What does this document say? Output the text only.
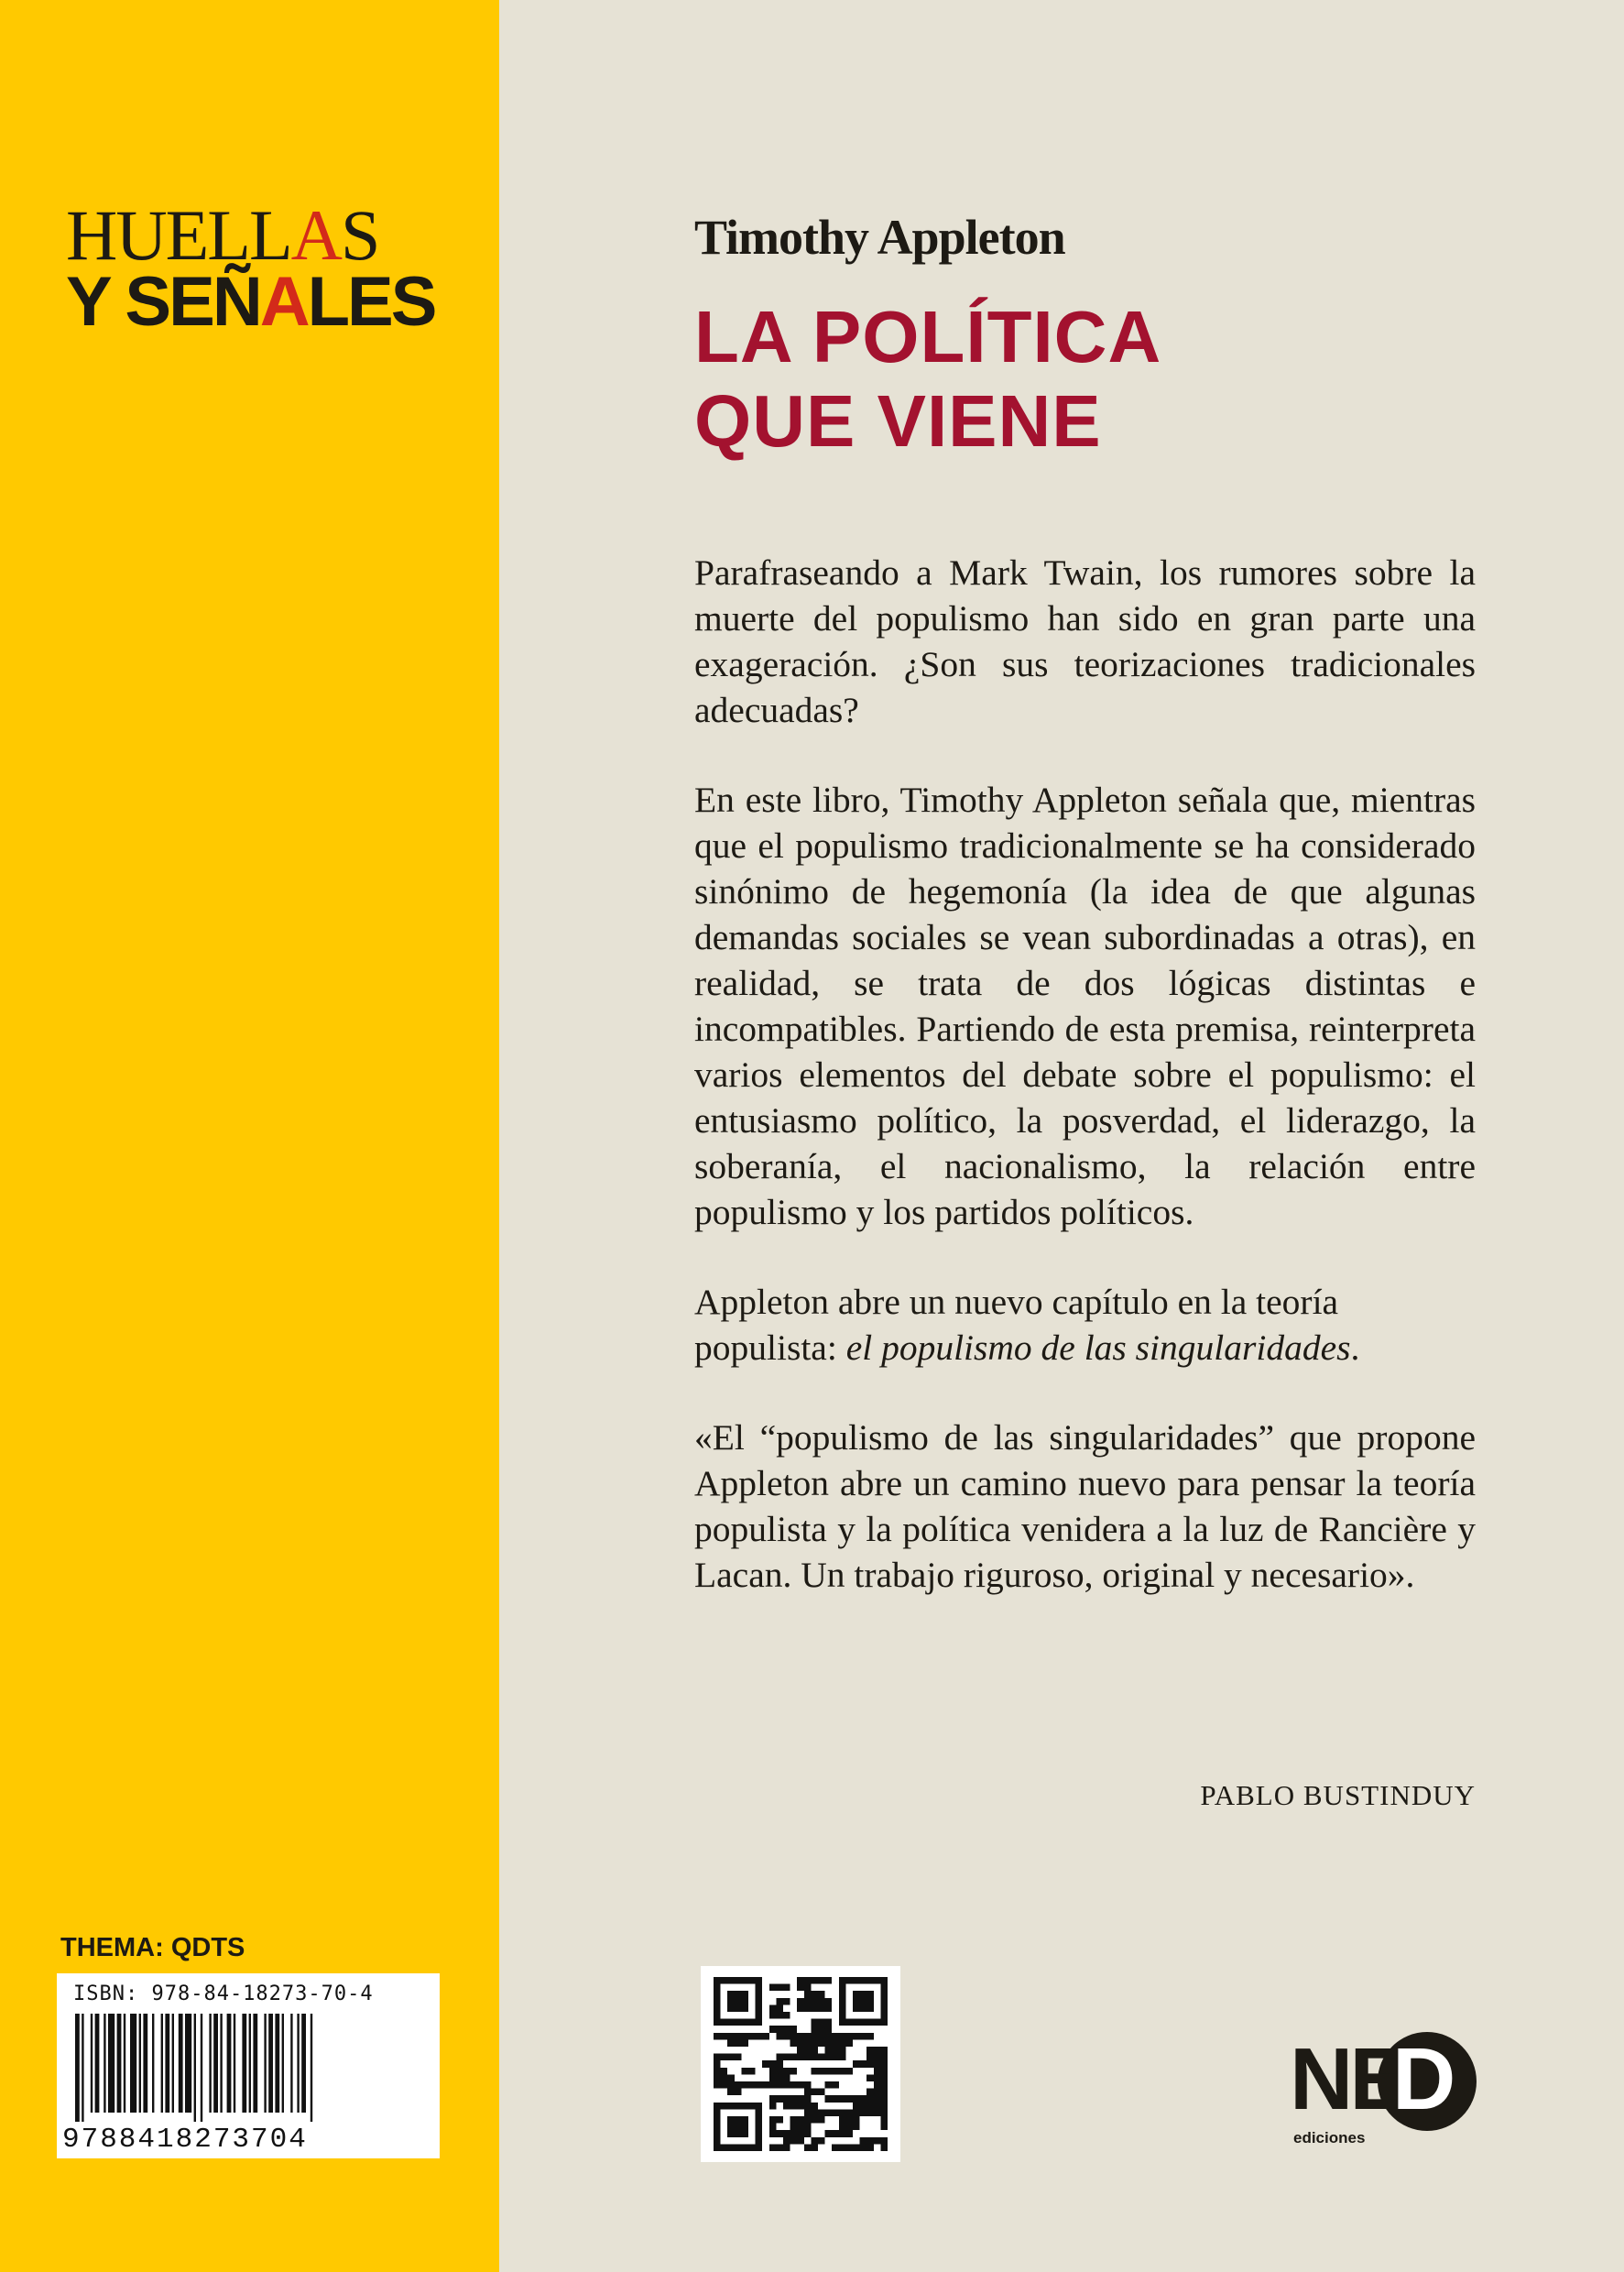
HUELLAS
Y SEÑALES
THEMA: QDTS
ISBN: 978-84-18273-70-4
9788418273704
Timothy Appleton
LA POLÍTICA
QUE VIENE

Parafraseando a Mark Twain, los rumores sobre la muerte del populismo han sido en gran parte una exageración. ¿Son sus teorizaciones tradicionales adecuadas?

En este libro, Timothy Appleton señala que, mientras que el populismo tradicionalmente se ha considerado sinónimo de hegemonía (la idea de que algunas demandas sociales se vean subordinadas a otras), en realidad, se trata de dos lógicas distintas e incompatibles. Partiendo de esta premisa, reinterpreta varios elementos del debate sobre el populismo: el entusiasmo político, la posverdad, el liderazgo, la soberanía, el nacionalismo, la relación entre populismo y los partidos políticos.

Appleton abre un nuevo capítulo en la teoría populista: el populismo de las singularidades.

«El “populismo de las singularidades” que propone Appleton abre un camino nuevo para pensar la teoría populista y la política venidera a la luz de Rancière y Lacan. Un trabajo riguroso, original y necesario».

PABLO BUSTINDUY
NE
D
ediciones
